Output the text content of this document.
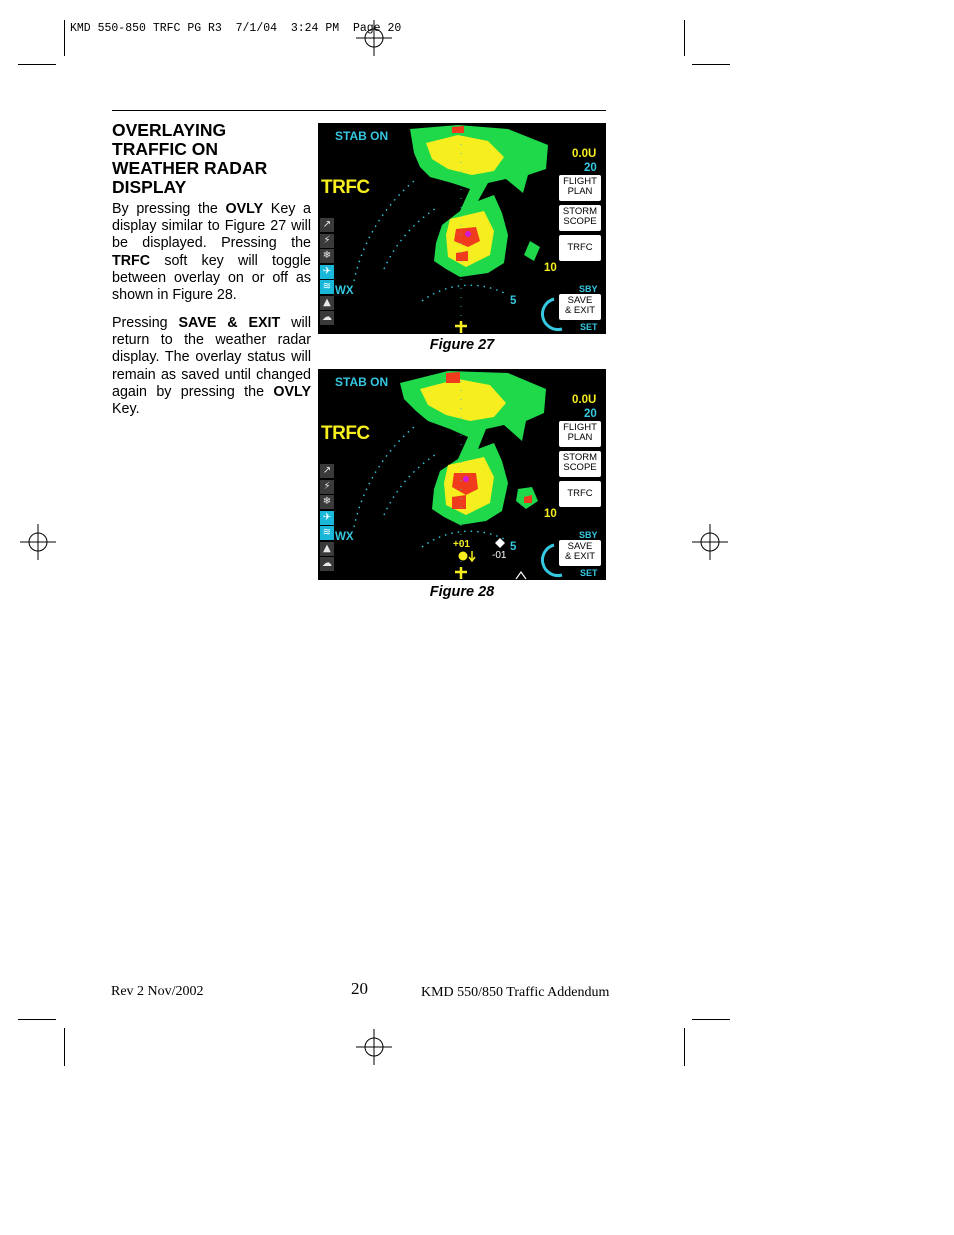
KMD 550-850 TRFC PG R3  7/1/04  3:24 PM  Page 20
OVERLAYING
TRAFFIC ON
WEATHER RADAR
DISPLAY
By pressing the OVLY Key a display similar to Figure 27 will be displayed. Pressing the TRFC soft key will toggle between overlay on or off as shown in Figure 28.
Pressing SAVE & EXIT will return to the weather radar display. The overlay status will remain as saved until changed again by pressing the OVLY Key.
STAB ON
TRFC
0.0U
20
10
5
WX	SBY
SET
↗
⚡
❄
✈
≋
▲
☁
FLIGHT
PLAN
STORM
SCOPE
TRFC
SAVE
& EXIT
Figure 27
STAB ON
TRFC
0.0U
20
10
5
WX	SBY
SET
+01
-01
↗
⚡
❄
✈
≋
▲
☁
FLIGHT
PLAN
STORM
SCOPE
TRFC
SAVE
& EXIT
Figure 28
Rev 2 Nov/2002	20	KMD 550/850 Traffic Addendum
